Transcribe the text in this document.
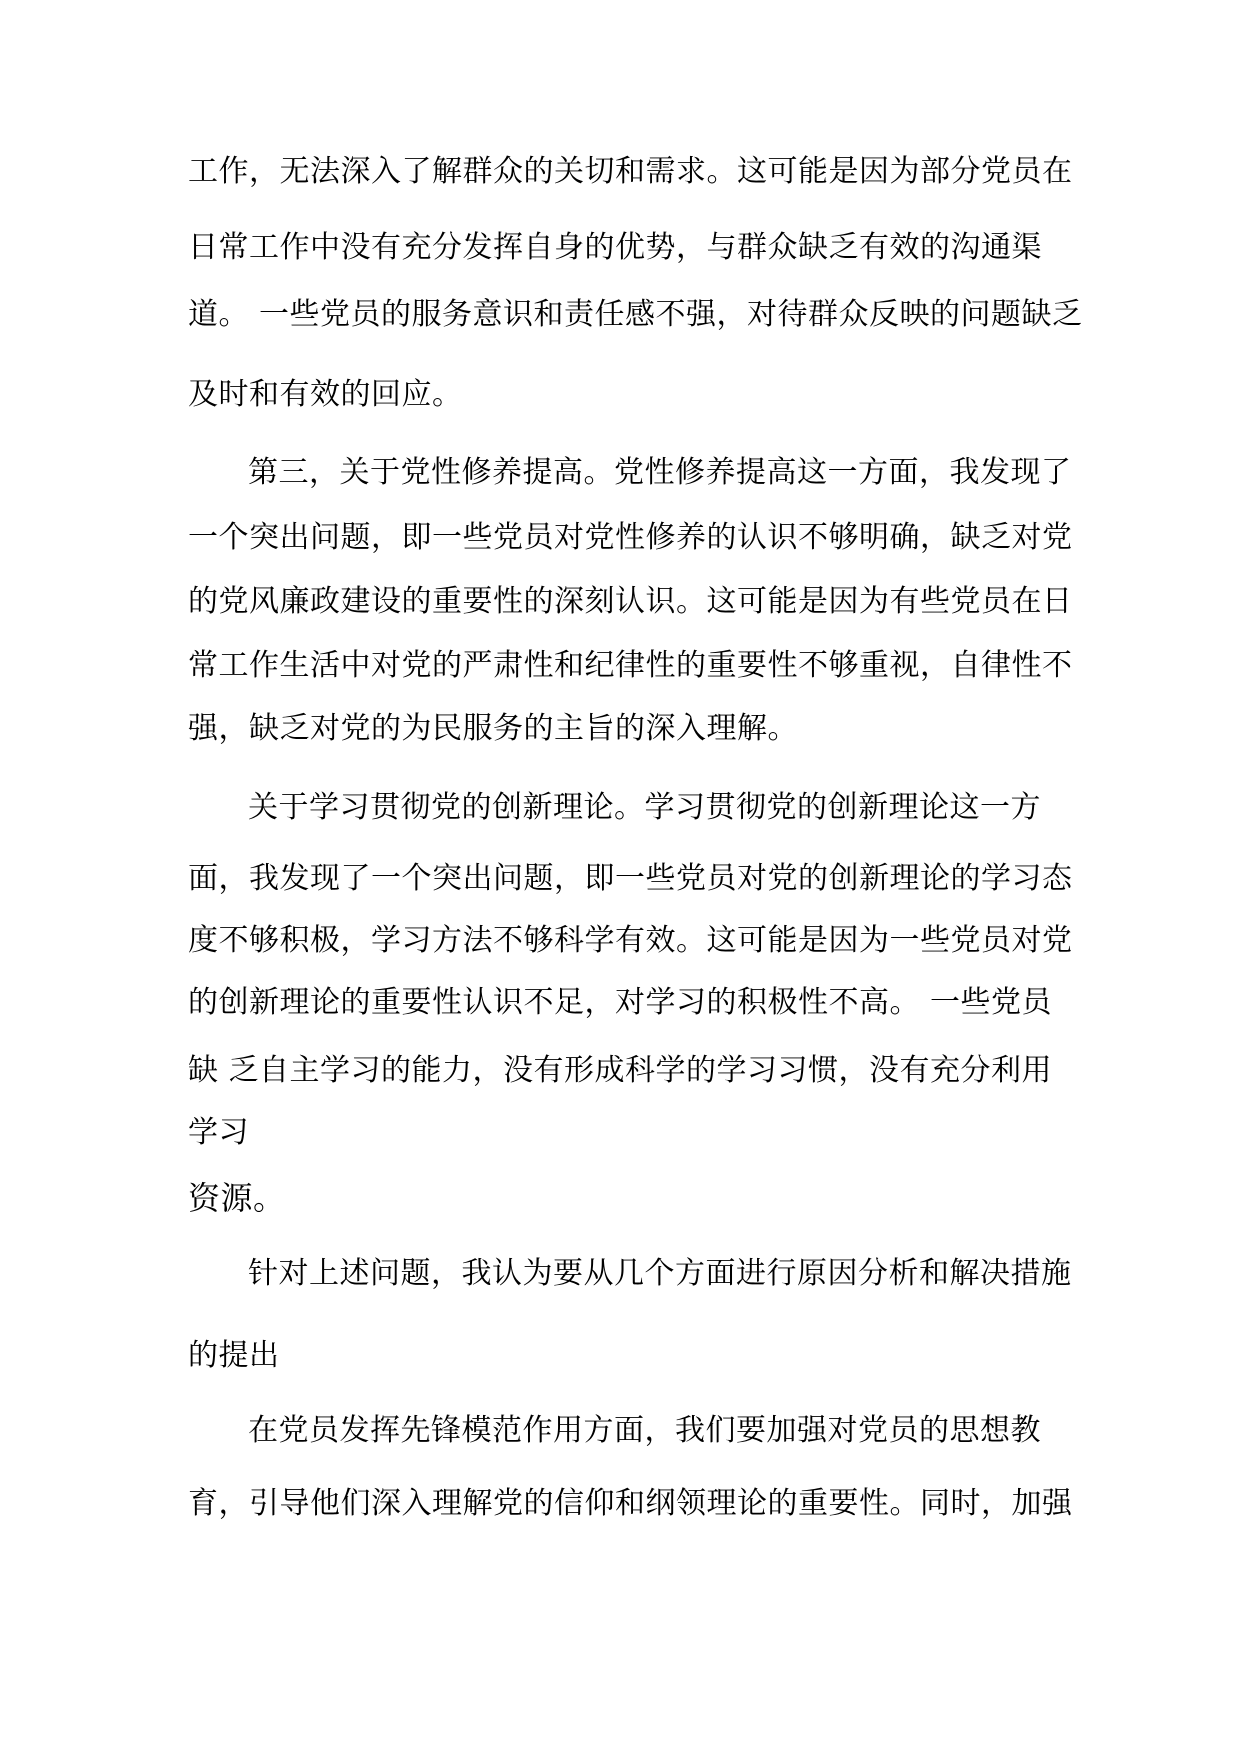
工作，无法深入了解群众的关切和需求。这可能是因为部分党员在
日常工作中没有充分发挥自身的优势，与群众缺乏有效的沟通渠
道。 一些党员的服务意识和责任感不强，对待群众反映的问题缺乏
及时和有效的回应。
第三，关于党性修养提高。党性修养提高这一方面，我发现了
一个突出问题，即一些党员对党性修养的认识不够明确，缺乏对党
的党风廉政建设的重要性的深刻认识。这可能是因为有些党员在日
常工作生活中对党的严肃性和纪律性的重要性不够重视，自律性不
强，缺乏对党的为民服务的主旨的深入理解。
关于学习贯彻党的创新理论。学习贯彻党的创新理论这一方
面，我发现了一个突出问题，即一些党员对党的创新理论的学习态
度不够积极，学习方法不够科学有效。这可能是因为一些党员对党
的创新理论的重要性认识不足，对学习的积极性不高。 一些党员
缺 乏自主学习的能力，没有形成科学的学习习惯，没有充分利用
学习
资源。
针对上述问题，我认为要从几个方面进行原因分析和解决措施
的提出
在党员发挥先锋模范作用方面，我们要加强对党员的思想教
育，引导他们深入理解党的信仰和纲领理论的重要性。同时，加强
